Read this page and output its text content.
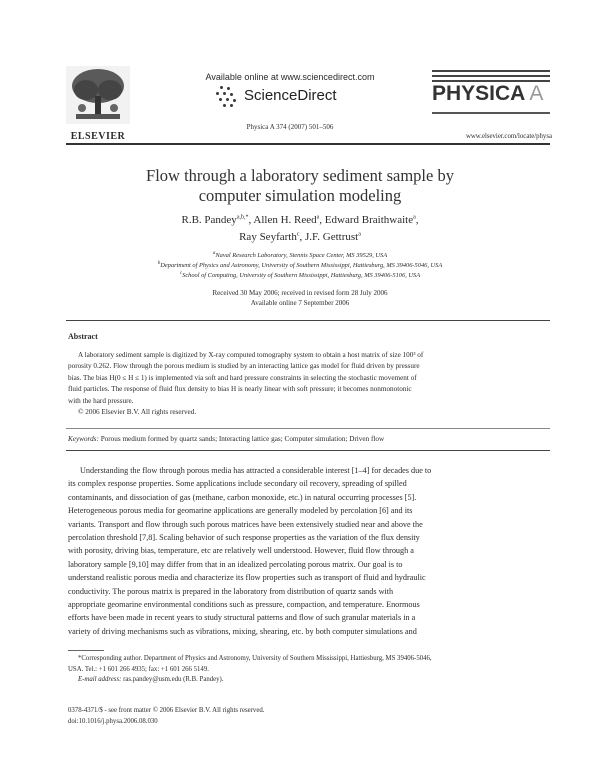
ELSEVIER
Available online at www.sciencedirect.com
ScienceDirect
Physica A 374 (2007) 501–506
PHYSICA A
www.elsevier.com/locate/physa
Flow through a laboratory sediment sample by
computer simulation modeling
R.B. Pandey$^{a,b,*}$, Allen H. Reed$^a$, Edward Braithwaite$^a$,
Ray Seyfarth$^c$, J.F. Gettrust$^a$
$^a$Naval Research Laboratory, Stennis Space Center, MS 39529, USA
$^b$Department of Physics and Astronomy, University of Southern Mississippi, Hattiesburg, MS 39406-5046, USA
$^c$School of Computing, University of Southern Mississippi, Hattiesburg, MS 39406-5106, USA
Received 30 May 2006; received in revised form 28 July 2006
Available online 7 September 2006
Abstract
A laboratory sediment sample is digitized by X-ray computed tomography system to obtain a host matrix of size 100³ of
porosity 0.262. Flow through the porous medium is studied by an interacting lattice gas model for fluid driven by pressure
bias. The bias H(0 ≤ H ≤ 1) is implemented via soft and hard pressure constraints in selecting the stochastic movement of
fluid particles. The response of fluid flux density to bias H is nearly linear with soft pressure; it becomes nonmonotonic
with the hard pressure.
© 2006 Elsevier B.V. All rights reserved.
Keywords: Porous medium formed by quartz sands; Interacting lattice gas; Computer simulation; Driven flow
Understanding the flow through porous media has attracted a considerable interest [1–4] for decades due to
its complex response properties. Some applications include secondary oil recovery, spreading of spilled
contaminants, and dissociation of gas (methane, carbon monoxide, etc.) in natural occurring processes [5].
Heterogeneous porous media for geomarine applications are generally modeled by percolation [6] and its
variants. Transport and flow through such porous matrices have been extensively studied near and above the
percolation threshold [7,8]. Scaling behavior of such response properties as the variation of the flux density
with porosity, driving bias, temperature, etc are relatively well understood. However, fluid flow through a
laboratory sample [9,10] may differ from that in an idealized percolating porous matrix. Our goal is to
understand realistic porous media and characterize its flow properties such as transport of fluid and hydraulic
conductivity. The porous matrix is prepared in the laboratory from distribution of quartz sands with
appropriate geomarine environmental conditions such as pressure, compaction, and temperature. Enormous
efforts have been made in recent years to study structural patterns and flow of such granular materials in a
variety of driving mechanisms such as vibrations, mixing, shearing, etc. by both computer simulations and
*Corresponding author. Department of Physics and Astronomy, University of Southern Mississippi, Hattiesburg, MS 39406-5046,
USA. Tel.: +1 601 266 4935; fax: +1 601 266 5149.
E-mail address: ras.pandey@usm.edu (R.B. Pandey).
0378-4371/$ - see front matter © 2006 Elsevier B.V. All rights reserved.
doi:10.1016/j.physa.2006.08.030
